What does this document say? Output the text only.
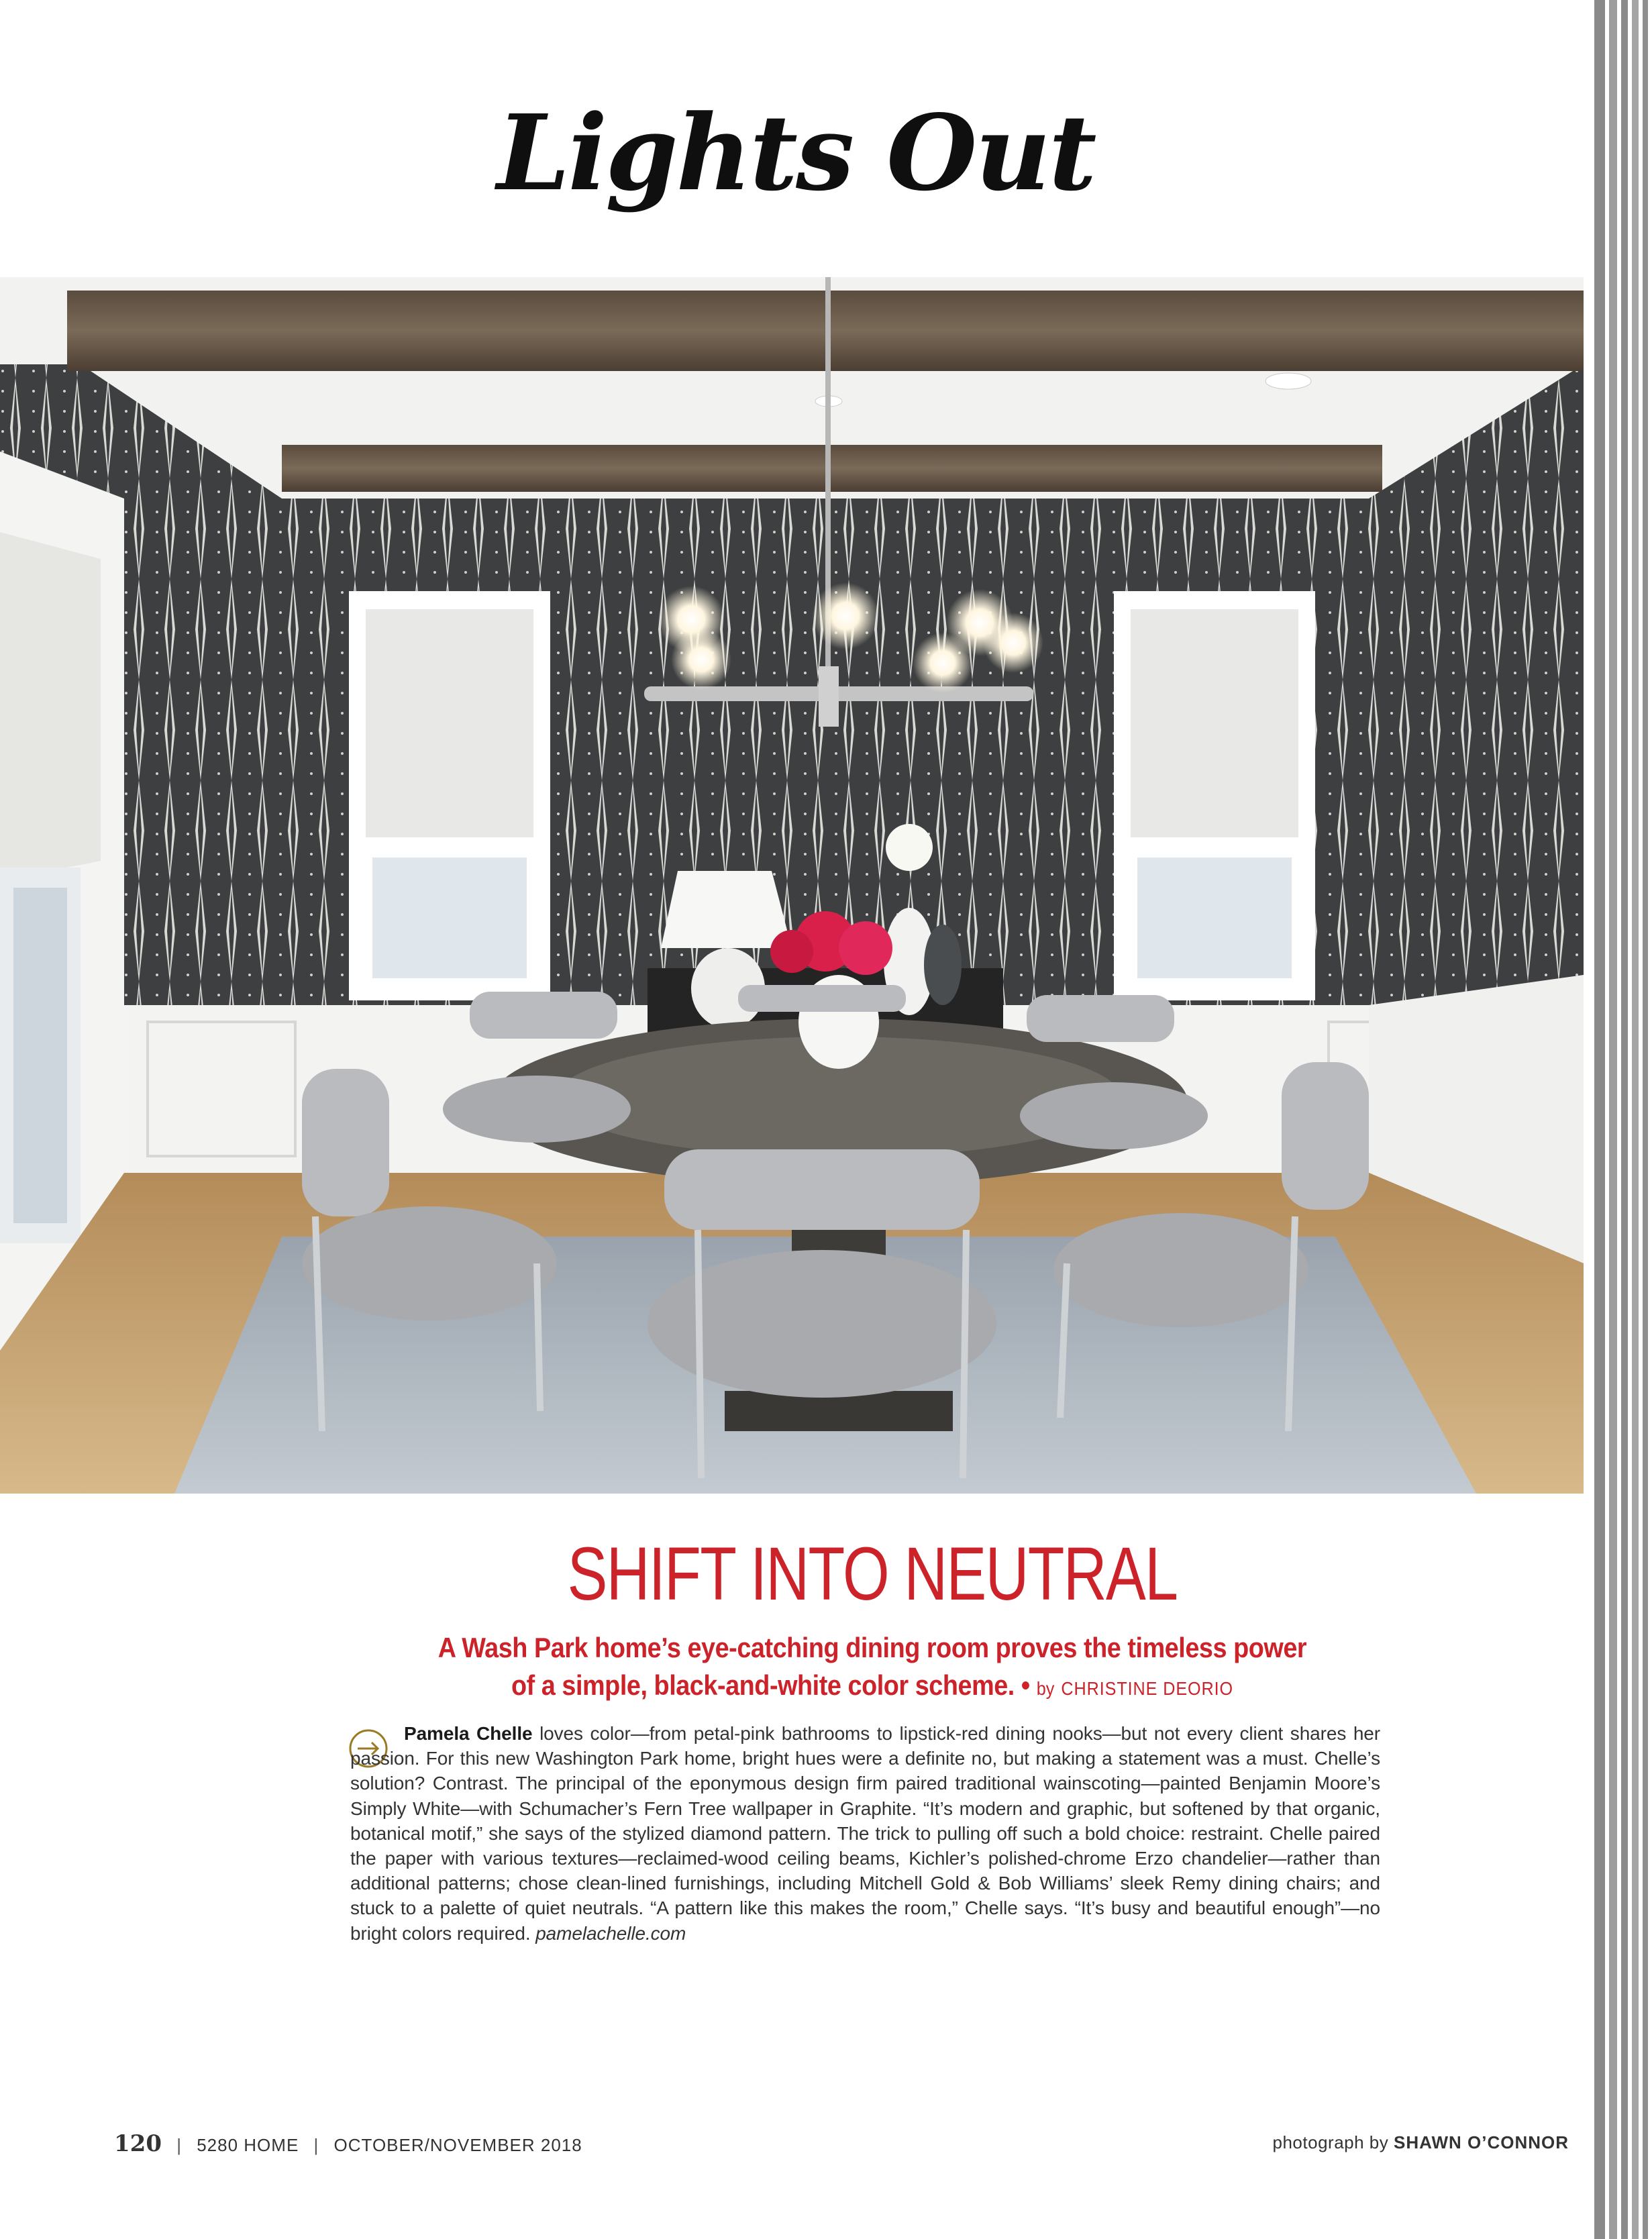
Lights Out
SHIFT INTO NEUTRAL
A Wash Park home’s eye-catching dining room proves the timeless power
of a simple, black-and-white color scheme. • by CHRISTINE DEORIO
Pamela Chelle loves color—from petal-pink bathrooms to lipstick-red dining nooks—but not every client shares her passion. For this new Washington Park home, bright hues were a definite no, but making a statement was a must. Chelle’s solution? Contrast. The principal of the eponymous design firm paired traditional wainscoting—painted Benjamin Moore’s Simply White—with Schumacher’s Fern Tree wallpaper in Graphite. “It’s modern and graphic, but softened by that organic, botanical motif,” she says of the stylized diamond pattern. The trick to pulling off such a bold choice: restraint. Chelle paired the paper with various textures—reclaimed-wood ceiling beams, Kichler’s polished-chrome Erzo chandelier—rather than additional patterns; chose clean-lined furnishings, including Mitchell Gold & Bob Williams’ sleek Remy dining chairs; and stuck to a palette of quiet neutrals. “A pattern like this makes the room,” Chelle says. “It’s busy and beautiful enough”—no bright colors required. pamelachelle.com
120 | 5280 HOME | OCTOBER/NOVEMBER 2018	photograph by SHAWN O’CONNOR
